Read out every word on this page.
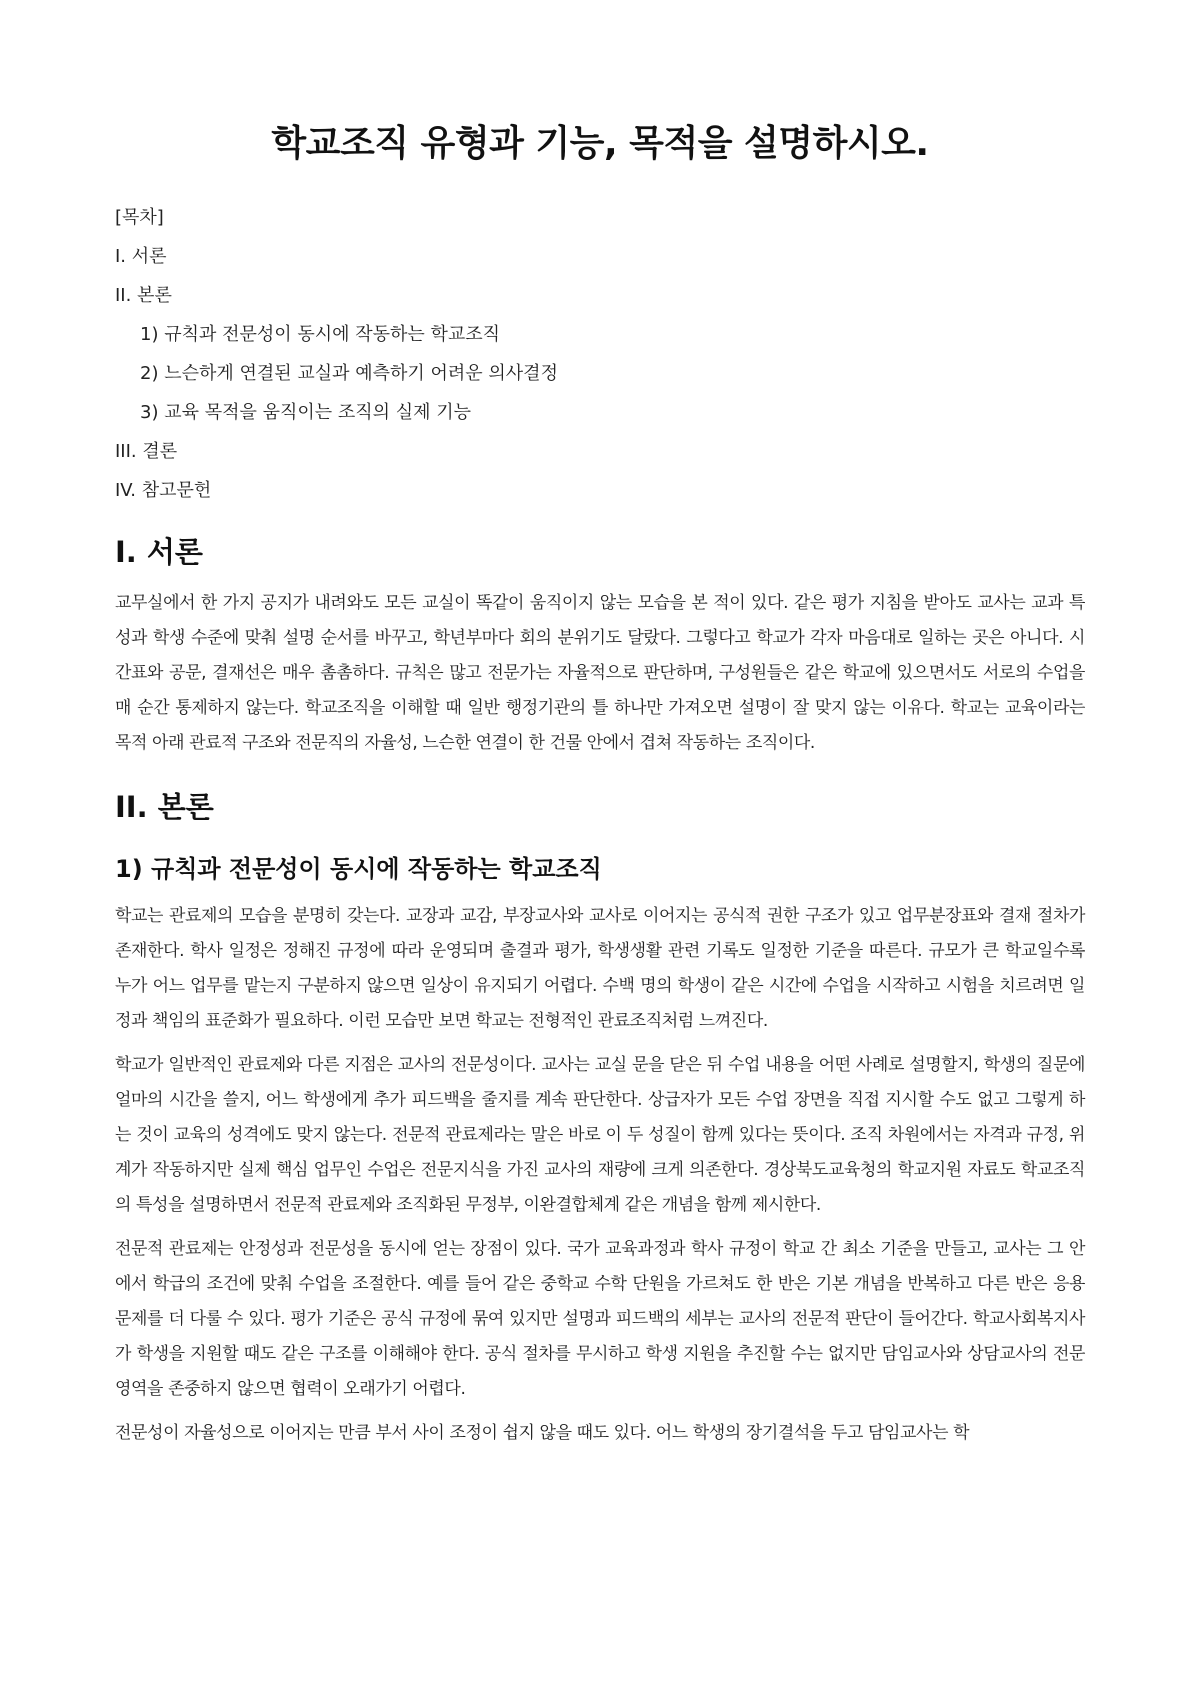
학교조직 유형과 기능, 목적을 설명하시오.
[목차]
I. 서론
II. 본론
1) 규칙과 전문성이 동시에 작동하는 학교조직
2) 느슨하게 연결된 교실과 예측하기 어려운 의사결정
3) 교육 목적을 움직이는 조직의 실제 기능
III. 결론
IV. 참고문헌
I. 서론

교무실에서 한 가지 공지가 내려와도 모든 교실이 똑같이 움직이지 않는 모습을 본 적이 있다. 같은 평가 지침을 받아도 교사는 교과 특성과 학생 수준에 맞춰 설명 순서를 바꾸고, 학년부마다 회의 분위기도 달랐다. 그렇다고 학교가 각자 마음대로 일하는 곳은 아니다. 시간표와 공문, 결재선은 매우 촘촘하다. 규칙은 많고 전문가는 자율적으로 판단하며, 구성원들은 같은 학교에 있으면서도 서로의 수업을 매 순간 통제하지 않는다. 학교조직을 이해할 때 일반 행정기관의 틀 하나만 가져오면 설명이 잘 맞지 않는 이유다. 학교는 교육이라는 목적 아래 관료적 구조와 전문직의 자율성, 느슨한 연결이 한 건물 안에서 겹쳐 작동하는 조직이다.

II. 본론
1) 규칙과 전문성이 동시에 작동하는 학교조직

학교는 관료제의 모습을 분명히 갖는다. 교장과 교감, 부장교사와 교사로 이어지는 공식적 권한 구조가 있고 업무분장표와 결재 절차가 존재한다. 학사 일정은 정해진 규정에 따라 운영되며 출결과 평가, 학생생활 관련 기록도 일정한 기준을 따른다. 규모가 큰 학교일수록 누가 어느 업무를 맡는지 구분하지 않으면 일상이 유지되기 어렵다. 수백 명의 학생이 같은 시간에 수업을 시작하고 시험을 치르려면 일정과 책임의 표준화가 필요하다. 이런 모습만 보면 학교는 전형적인 관료조직처럼 느껴진다.

학교가 일반적인 관료제와 다른 지점은 교사의 전문성이다. 교사는 교실 문을 닫은 뒤 수업 내용을 어떤 사례로 설명할지, 학생의 질문에 얼마의 시간을 쓸지, 어느 학생에게 추가 피드백을 줄지를 계속 판단한다. 상급자가 모든 수업 장면을 직접 지시할 수도 없고 그렇게 하는 것이 교육의 성격에도 맞지 않는다. 전문적 관료제라는 말은 바로 이 두 성질이 함께 있다는 뜻이다. 조직 차원에서는 자격과 규정, 위계가 작동하지만 실제 핵심 업무인 수업은 전문지식을 가진 교사의 재량에 크게 의존한다. 경상북도교육청의 학교지원 자료도 학교조직의 특성을 설명하면서 전문적 관료제와 조직화된 무정부, 이완결합체계 같은 개념을 함께 제시한다.

전문적 관료제는 안정성과 전문성을 동시에 얻는 장점이 있다. 국가 교육과정과 학사 규정이 학교 간 최소 기준을 만들고, 교사는 그 안에서 학급의 조건에 맞춰 수업을 조절한다. 예를 들어 같은 중학교 수학 단원을 가르쳐도 한 반은 기본 개념을 반복하고 다른 반은 응용 문제를 더 다룰 수 있다. 평가 기준은 공식 규정에 묶여 있지만 설명과 피드백의 세부는 교사의 전문적 판단이 들어간다. 학교사회복지사가 학생을 지원할 때도 같은 구조를 이해해야 한다. 공식 절차를 무시하고 학생 지원을 추진할 수는 없지만 담임교사와 상담교사의 전문영역을 존중하지 않으면 협력이 오래가기 어렵다.

전문성이 자율성으로 이어지는 만큼 부서 사이 조정이 쉽지 않을 때도 있다. 어느 학생의 장기결석을 두고 담임교사는 학
